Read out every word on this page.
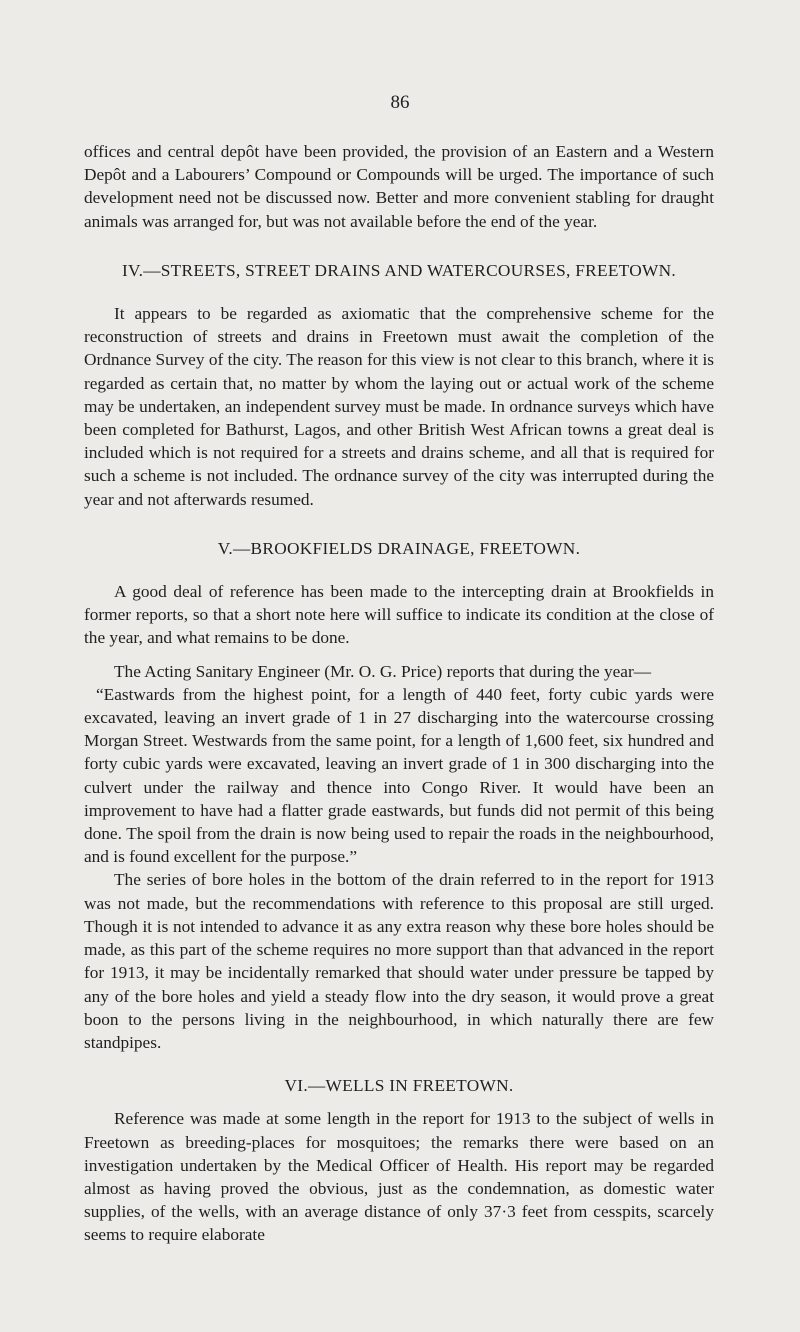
86

offices and central depôt have been provided, the provision of an Eastern and a Western Depôt and a Labourers’ Compound or Compounds will be urged. The importance of such development need not be discussed now. Better and more convenient stabling for draught animals was arranged for, but was not available before the end of the year.

IV.—STREETS, STREET DRAINS AND WATERCOURSES, FREETOWN.

It appears to be regarded as axiomatic that the comprehensive scheme for the reconstruction of streets and drains in Freetown must await the completion of the Ordnance Survey of the city. The reason for this view is not clear to this branch, where it is regarded as certain that, no matter by whom the laying out or actual work of the scheme may be undertaken, an independent survey must be made. In ordnance surveys which have been completed for Bathurst, Lagos, and other British West African towns a great deal is included which is not required for a streets and drains scheme, and all that is required for such a scheme is not included. The ordnance survey of the city was interrupted during the year and not afterwards resumed.

V.—BROOKFIELDS DRAINAGE, FREETOWN.

A good deal of reference has been made to the intercepting drain at Brookfields in former reports, so that a short note here will suffice to indicate its condition at the close of the year, and what remains to be done.

The Acting Sanitary Engineer (Mr. O. G. Price) reports that during the year—

“Eastwards from the highest point, for a length of 440 feet, forty cubic yards were excavated, leaving an invert grade of 1 in 27 discharging into the watercourse crossing Morgan Street. Westwards from the same point, for a length of 1,600 feet, six hundred and forty cubic yards were excavated, leaving an invert grade of 1 in 300 discharging into the culvert under the railway and thence into Congo River. It would have been an improvement to have had a flatter grade eastwards, but funds did not permit of this being done. The spoil from the drain is now being used to repair the roads in the neighbourhood, and is found excellent for the purpose.”

The series of bore holes in the bottom of the drain referred to in the report for 1913 was not made, but the recommendations with reference to this proposal are still urged. Though it is not intended to advance it as any extra reason why these bore holes should be made, as this part of the scheme requires no more support than that advanced in the report for 1913, it may be incidentally remarked that should water under pressure be tapped by any of the bore holes and yield a steady flow into the dry season, it would prove a great boon to the persons living in the neighbourhood, in which naturally there are few standpipes.

VI.—WELLS IN FREETOWN.

Reference was made at some length in the report for 1913 to the subject of wells in Freetown as breeding-places for mosquitoes; the remarks there were based on an investigation undertaken by the Medical Officer of Health. His report may be regarded almost as having proved the obvious, just as the condemnation, as domestic water supplies, of the wells, with an average distance of only 37·3 feet from cesspits, scarcely seems to require elaborate
